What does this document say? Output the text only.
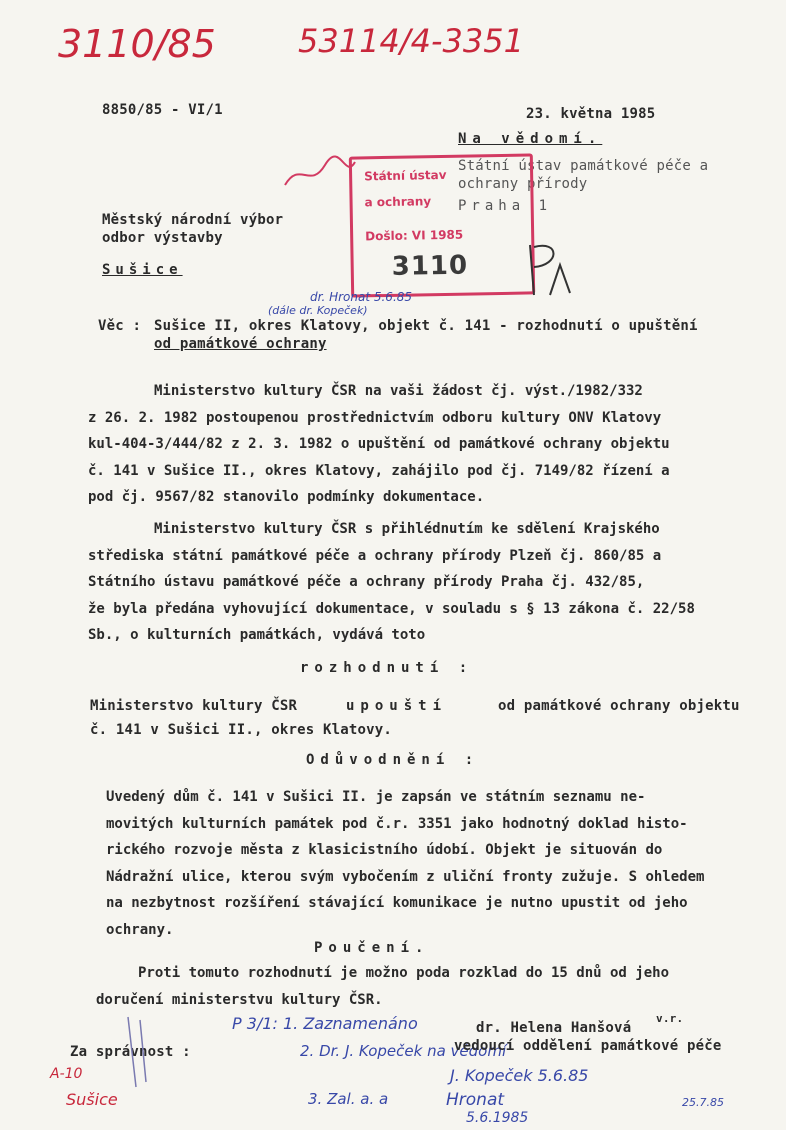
3110/85	53114/4-3351
8850/85 - VI/1	23. května 1985
Na vědomí.
Státní ústav památkové péče a
ochrany přírody
Praha 1
Státní ústav
a ochrany
Došlo: VI 1985
3110
Městský národní výbor
odbor výstavby
Sušice
dr. Hronat 5.6.85
(dále dr. Kopeček)
Věc : Sušice II, okres Klatovy, objekt č. 141 - rozhodnutí o upuštění
od památkové ochrany
Ministerstvo kultury ČSR na vaši žádost čj. výst./1982/332
z 26. 2. 1982 postoupenou prostřednictvím odboru kultury ONV Klatovy
kul-404-3/444/82 z 2. 3. 1982 o upuštění od památkové ochrany objektu
č. 141 v Sušice II., okres Klatovy, zahájilo pod čj. 7149/82 řízení a
pod čj. 9567/82 stanovilo podmínky dokumentace.
Ministerstvo kultury ČSR s přihlédnutím ke sdělení Krajského
střediska státní památkové péče a ochrany přírody Plzeň čj. 860/85 a
Státního ústavu památkové péče a ochrany přírody Praha čj. 432/85,
že byla předána vyhovující dokumentace, v souladu s § 13 zákona č. 22/58
Sb., o kulturních památkách, vydává toto
rozhodnutí :
Ministerstvo kultury ČSR	upouští	od památkové ochrany objektu
č. 141 v Sušici II., okres Klatovy.
Odůvodnění :
Uvedený dům č. 141 v Sušici II. je zapsán ve státním seznamu ne-
movitých kulturních památek pod č.r. 3351 jako hodnotný doklad histo-
rického rozvoje města z klasicistního údobí. Objekt je situován do
Nádražní ulice, kterou svým vybočením z uliční fronty zužuje. S ohledem
na nezbytnost rozšíření stávající komunikace je nutno upustit od jeho
ochrany.
Poučení.
Proti tomuto rozhodnutí je možno poda rozklad do 15 dnů od jeho
doručení ministerstvu kultury ČSR.
P 3/1: 1. Zaznamenáno
2. Dr. J. Kopeček na vědomí
J. Kopeček 5.6.85
3. Zal. a. a	Hronat
5.6.1985
25.7.85
A-10
Sušice
dr. Helena Hanšová
v.r.
vedoucí oddělení památkové péče
Za správnost :
